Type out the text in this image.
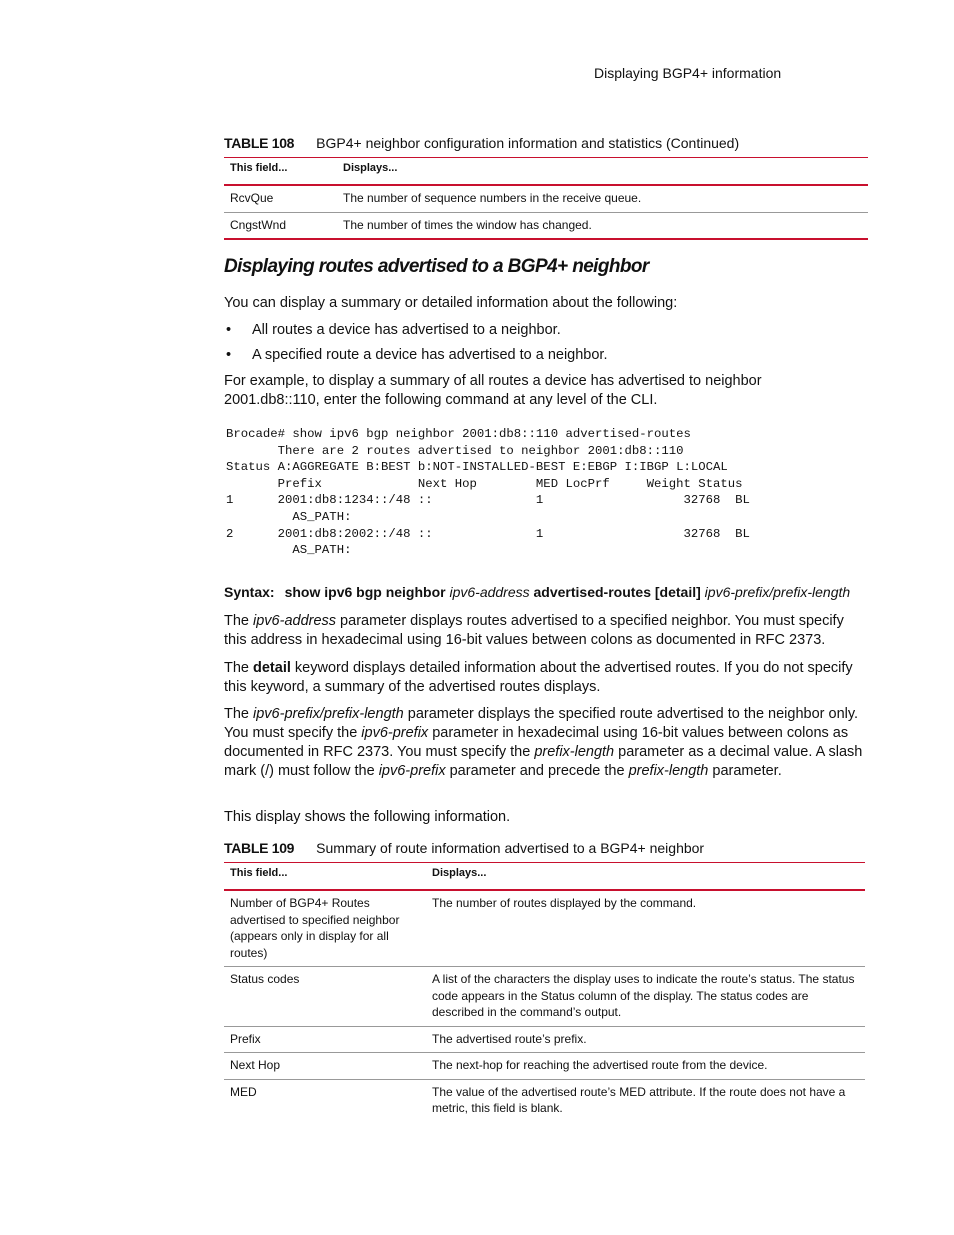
Displaying BGP4+ information
TABLE 108 BGP4+ neighbor configuration information and statistics (Continued)
This field...	Displays...
RcvQue	The number of sequence numbers in the receive queue.
CngstWnd	The number of times the window has changed.
Displaying routes advertised to a BGP4+ neighbor

You can display a summary or detailed information about the following:

• All routes a device has advertised to a neighbor.
• A specified route a device has advertised to a neighbor.

For example, to display a summary of all routes a device has advertised to neighbor 2001.db8::110, enter the following command at any level of the CLI.

Brocade# show ipv6 bgp neighbor 2001:db8::110 advertised-routes
There are 2 routes advertised to neighbor 2001:db8::110
Status A:AGGREGATE B:BEST b:NOT-INSTALLED-BEST E:EBGP I:IBGP L:LOCAL
Prefix             Next Hop        MED LocPrf     Weight Status
1      2001:db8:1234::/48 ::              1                   32768  BL
AS_PATH:
2      2001:db8:2002::/48 ::              1                   32768  BL
AS_PATH:
Syntax: show ipv6 bgp neighbor ipv6-address advertised-routes [detail] ipv6-prefix/prefix-length

The ipv6-address parameter displays routes advertised to a specified neighbor. You must specify this address in hexadecimal using 16-bit values between colons as documented in RFC 2373.

The detail keyword displays detailed information about the advertised routes. If you do not specify this keyword, a summary of the advertised routes displays.

The ipv6-prefix/prefix-length parameter displays the specified route advertised to the neighbor only. You must specify the ipv6-prefix parameter in hexadecimal using 16-bit values between colons as documented in RFC 2373. You must specify the prefix-length parameter as a decimal value. A slash mark (/) must follow the ipv6-prefix parameter and precede the prefix-length parameter.

This display shows the following information.

TABLE 109 Summary of route information advertised to a BGP4+ neighbor
This field...	Displays...
Number of BGP4+ Routes advertised to specified neighbor (appears only in display for all routes)	The number of routes displayed by the command.
Status codes	A list of the characters the display uses to indicate the route’s status. The status code appears in the Status column of the display. The status codes are described in the command’s output.
Prefix	The advertised route’s prefix.
Next Hop	The next-hop for reaching the advertised route from the device.
MED	The value of the advertised route’s MED attribute. If the route does not have a metric, this field is blank.
